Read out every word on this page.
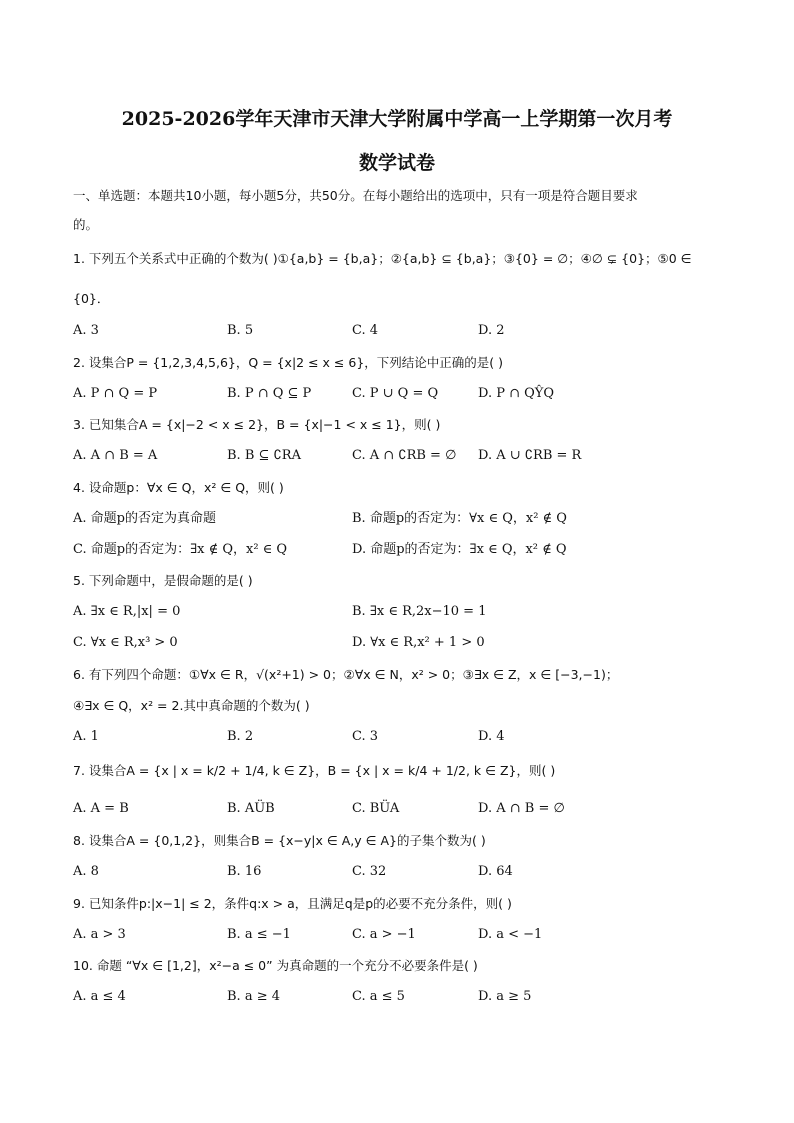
2025-2026学年天津市天津大学附属中学高一上学期第一次月考
数学试卷
一、单选题：本题共10小题，每小题5分，共50分。在每小题给出的选项中，只有一项是符合题目要求
的。
1. 下列五个关系式中正确的个数为( )①{a,b} = {b,a}；②{a,b} ⊆ {b,a}；③{0} = ∅；④∅ ⊊ {0}；⑤0 ∈
{0}．
A. 3	B. 5	C. 4	D. 2
2. 设集合P = {1,2,3,4,5,6}，Q = {x|2 ≤ x ≤ 6}，下列结论中正确的是( )
A. P ∩ Q = P	B. P ∩ Q ⊆ P	C. P ∪ Q = Q	D. P ∩ QŶQ
3. 已知集合A = {x|−2 < x ≤ 2}，B = {x|−1 < x ≤ 1}，则( )
A. A ∩ B = A	B. B ⊆ ∁RA	C. A ∩ ∁RB = ∅ D. A ∪ ∁RB = R
4. 设命题p：∀x ∈ Q，x² ∈ Q，则( )
A. 命题p的否定为真命题	B. 命题p的否定为：∀x ∈ Q，x² ∉ Q
C. 命题p的否定为：∃x ∉ Q，x² ∈ Q	D. 命题p的否定为：∃x ∈ Q，x² ∉ Q
5. 下列命题中，是假命题的是( )
A. ∃x ∈ R,|x| = 0	B. ∃x ∈ R,2x−10 = 1
C. ∀x ∈ R,x³ > 0	D. ∀x ∈ R,x² + 1 > 0
6. 有下列四个命题：①∀x ∈ R，√(x²+1) > 0；②∀x ∈ N，x² > 0；③∃x ∈ Z，x ∈ [−3,−1)；
④∃x ∈ Q，x² = 2.其中真命题的个数为( )
A. 1	B. 2	C. 3	D. 4
7. 设集合A = {x | x = k/2 + 1/4, k ∈ Z}，B = {x | x = k/4 + 1/2, k ∈ Z}，则( )
A. A = B	B. AÜB	C. BÜA	D. A ∩ B = ∅
8. 设集合A = {0,1,2}，则集合B = {x−y|x ∈ A,y ∈ A}的子集个数为( )
A. 8	B. 16	C. 32	D. 64
9. 已知条件p:|x−1| ≤ 2，条件q:x > a，且满足q是p的必要不充分条件，则( )
A. a > 3	B. a ≤ −1	C. a > −1	D. a < −1
10. 命题 “∀x ∈ [1,2]，x²−a ≤ 0” 为真命题的一个充分不必要条件是( )
A. a ≤ 4	B. a ≥ 4	C. a ≤ 5	D. a ≥ 5
